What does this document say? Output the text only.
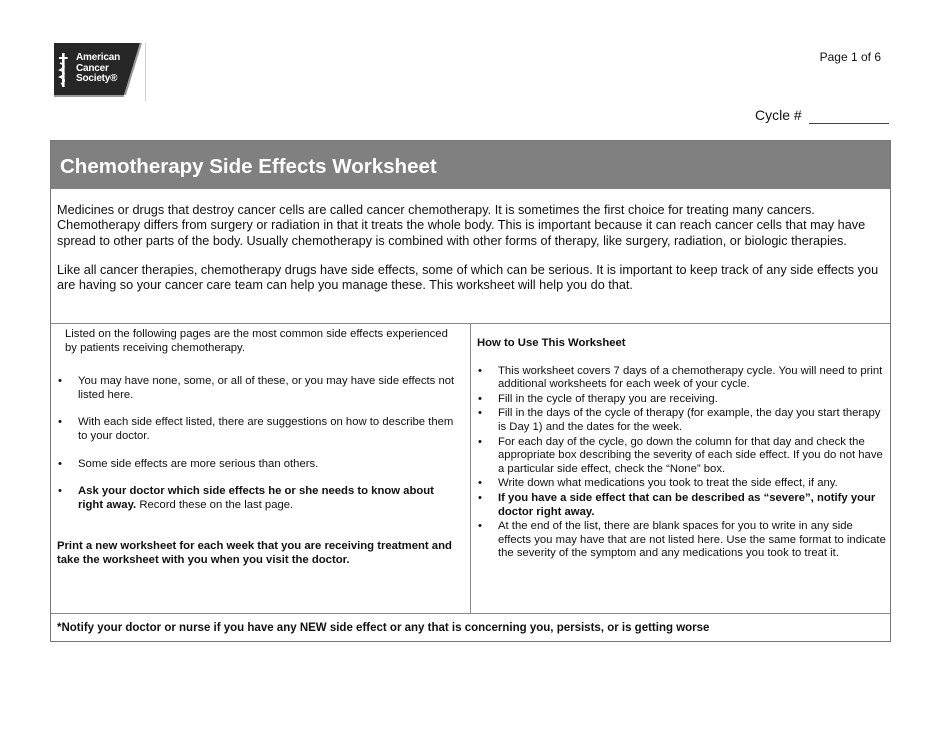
American
Cancer
Society®
Page 1 of 6
Cycle #
Chemotherapy Side Effects Worksheet

Medicines or drugs that destroy cancer cells are called cancer chemotherapy. It is sometimes the first choice for treating many cancers. Chemotherapy differs from surgery or radiation in that it treats the whole body. This is important because it can reach cancer cells that may have spread to other parts of the body. Usually chemotherapy is combined with other forms of therapy, like surgery, radiation, or biologic therapies.

Like all cancer therapies, chemotherapy drugs have side effects, some of which can be serious. It is important to keep track of any side effects you are having so your cancer care team can help you manage these. This worksheet will help you do that.

Listed on the following pages are the most common side effects experienced by patients receiving chemotherapy.
• You may have none, some, or all of these, or you may have side effects not listed here.
• With each side effect listed, there are suggestions on how to describe them to your doctor.
• Some side effects are more serious than others.
• Ask your doctor which side effects he or she needs to know about right away. Record these on the last page.
Print a new worksheet for each week that you are receiving treatment and take the worksheet with you when you visit the doctor.
How to Use This Worksheet
• This worksheet covers 7 days of a chemotherapy cycle. You will need to print additional worksheets for each week of your cycle.
• Fill in the cycle of therapy you are receiving.
• Fill in the days of the cycle of therapy (for example, the day you start therapy is Day 1) and the dates for the week.
• For each day of the cycle, go down the column for that day and check the appropriate box describing the severity of each side effect. If you do not have a particular side effect, check the “None” box.
• Write down what medications you took to treat the side effect, if any.
• If you have a side effect that can be described as “severe”, notify your doctor right away.
• At the end of the list, there are blank spaces for you to write in any side effects you may have that are not listed here. Use the same format to indicate the severity of the symptom and any medications you took to treat it.
*Notify your doctor or nurse if you have any NEW side effect or any that is concerning you, persists, or is getting worse
